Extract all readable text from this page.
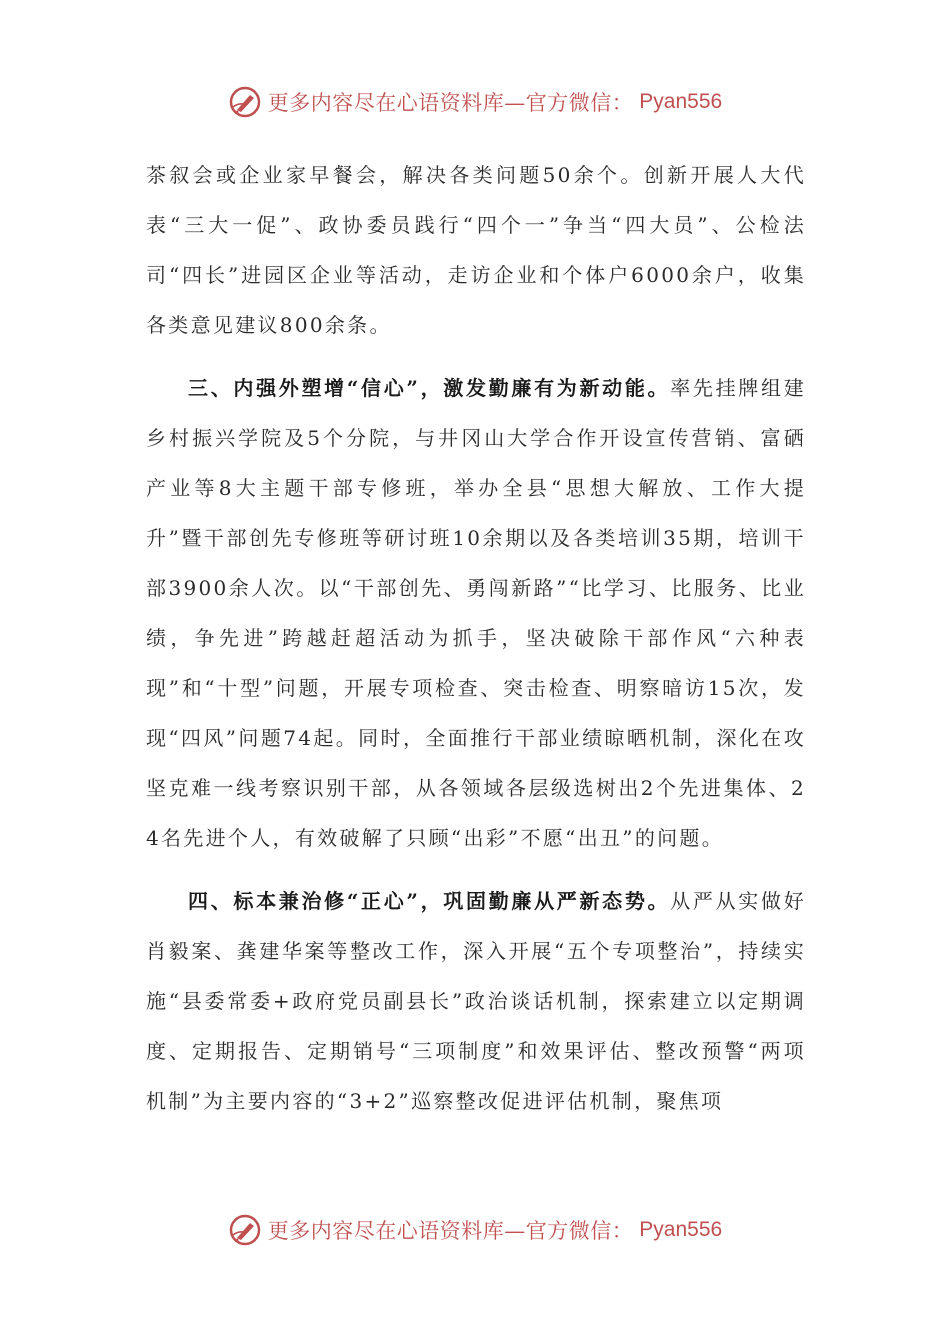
更多内容尽在心语资料库—官方微信： Pyan556

茶叙会或企业家早餐会，解决各类问题50余个。创新开展人大代表“三大一促”、政协委员践行“四个一”争当“四大员”、公检法司“四长”进园区企业等活动，走访企业和个体户6000余户，收集各类意见建议800余条。

三、内强外塑增“信心”，激发勤廉有为新动能。率先挂牌组建乡村振兴学院及5个分院，与井冈山大学合作开设宣传营销、富硒产业等8大主题干部专修班，举办全县“思想大解放、工作大提升”暨干部创先专修班等研讨班10余期以及各类培训35期，培训干部3900余人次。以“干部创先、勇闯新路”“比学习、比服务、比业绩，争先进”跨越赶超活动为抓手，坚决破除干部作风“六种表现”和“十型”问题，开展专项检查、突击检查、明察暗访15次，发现“四风”问题74起。同时，全面推行干部业绩晾晒机制，深化在攻坚克难一线考察识别干部，从各领域各层级选树出2个先进集体、24名先进个人，有效破解了只顾“出彩”不愿“出丑”的问题。

四、标本兼治修“正心”，巩固勤廉从严新态势。从严从实做好肖毅案、龚建华案等整改工作，深入开展“五个专项整治”，持续实施“县委常委+政府党员副县长”政治谈话机制，探索建立以定期调度、定期报告、定期销号“三项制度”和效果评估、整改预警“两项机制”为主要内容的“3+2”巡察整改促进评估机制，聚焦项

更多内容尽在心语资料库—官方微信： Pyan556
